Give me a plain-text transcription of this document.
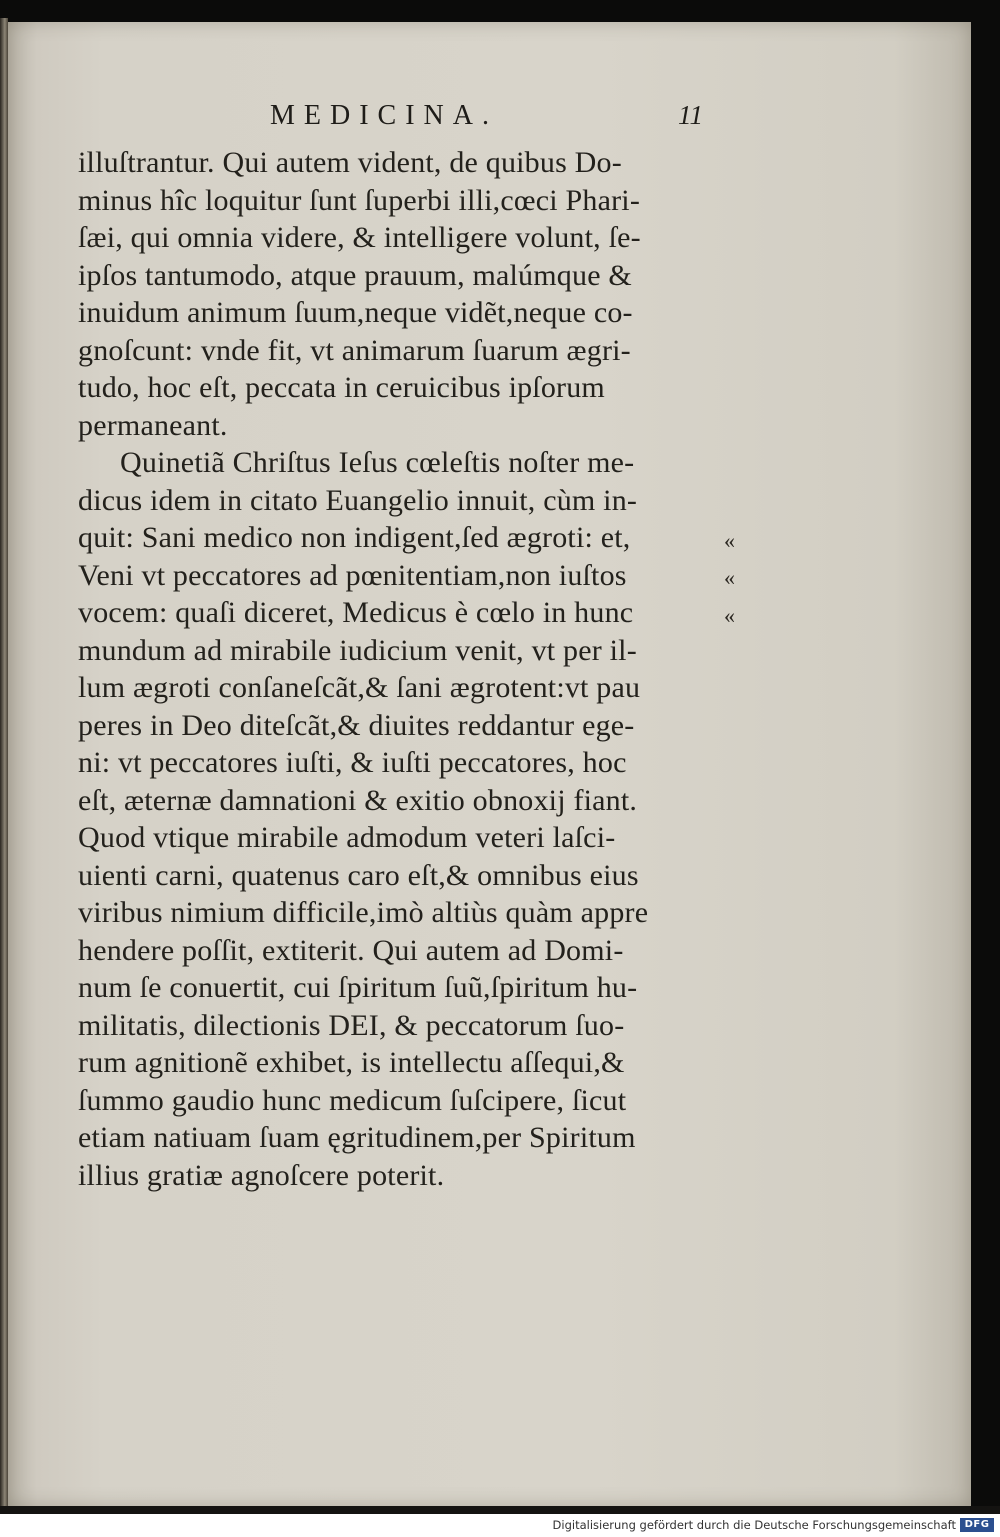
MEDICINA.	11
illuſtrantur. Qui autem vident, de quibus Do-
minus hîc loquitur ſunt ſuperbi illi,cœci Phari-
ſæi, qui omnia videre, & intelligere volunt, ſe-
ipſos tantumodo, atque prauum, malúmque &
inuidum animum ſuum,neque vidẽt,neque co-
gnoſcunt: vnde fit, vt animarum ſuarum ægri-
tudo, hoc eſt, peccata in ceruicibus ipſorum
permaneant.
Quinetiã Chriſtus Ieſus cœleſtis noſter me-
dicus idem in citato Euangelio innuit, cùm in-
quit: Sani medico non indigent,ſed ægroti: et,
Veni vt peccatores ad pœnitentiam,non iuſtos
vocem: quaſi diceret, Medicus è cœlo in hunc
mundum ad mirabile iudicium venit, vt per il-
lum ægroti conſaneſcãt,& ſani ægrotent:vt pau
peres in Deo diteſcãt,& diuites reddantur ege-
ni: vt peccatores iuſti, & iuſti peccatores, hoc
eſt, æternæ damnationi & exitio obnoxij fiant.
Quod vtique mirabile admodum veteri laſci-
uienti carni, quatenus caro eſt,& omnibus eius
viribus nimium difficile,imò altiùs quàm appre
hendere poſſit, extiterit. Qui autem ad Domi-
num ſe conuertit, cui ſpiritum ſuũ,ſpiritum hu-
militatis, dilectionis DEI, & peccatorum ſuo-
rum agnitionẽ exhibet, is intellectu aſſequi,&
ſummo gaudio hunc medicum ſuſcipere, ſicut
etiam natiuam ſuam ęgritudinem,per Spiritum
illius gratiæ agnoſcere poterit.
«
«
«
Digitalisierung gefördert durch die Deutsche Forschungsgemeinschaft DFG
